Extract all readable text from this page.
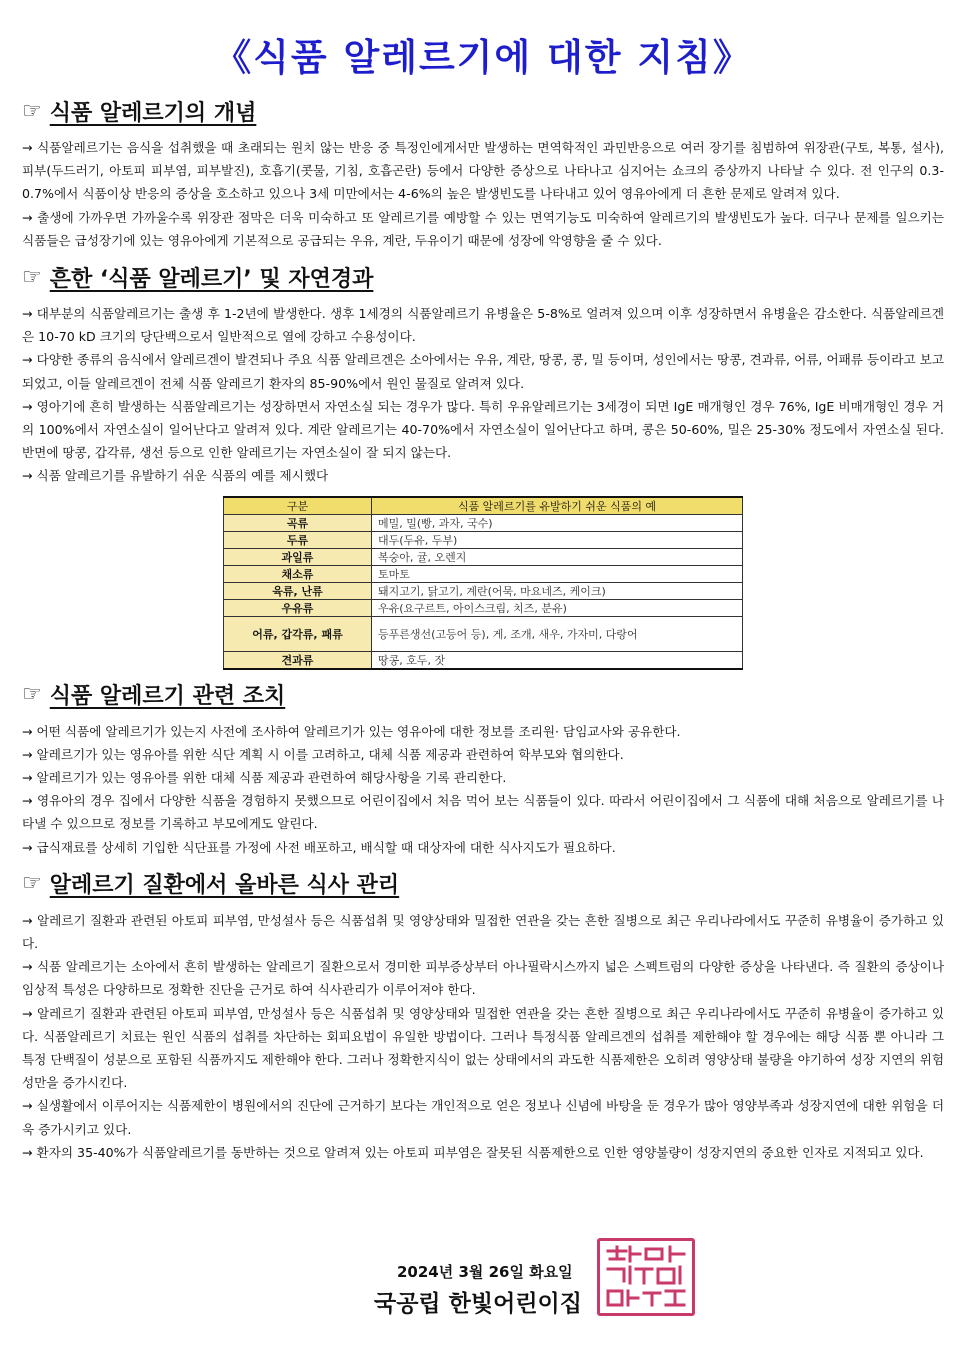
《식품 알레르기에 대한 지침》
☞ 식품 알레르기의 개념

→ 식품알레르기는 음식을 섭취했을 때 초래되는 원치 않는 반응 중 특정인에게서만 발생하는 면역학적인 과민반응으로 여러 장기를 침범하여 위장관(구토, 복통, 설사), 피부(두드러기, 아토피 피부염, 피부발진), 호흡기(콧물, 기침, 호흡곤란) 등에서 다양한 증상으로 나타나고 심지어는 쇼크의 증상까지 나타날 수 있다. 전 인구의 0.3-0.7%에서 식품이상 반응의 증상을 호소하고 있으나 3세 미만에서는 4-6%의 높은 발생빈도를 나타내고 있어 영유아에게 더 흔한 문제로 알려져 있다.

→ 출생에 가까우면 가까울수록 위장관 점막은 더욱 미숙하고 또 알레르기를 예방할 수 있는 면역기능도 미숙하여 알레르기의 발생빈도가 높다. 더구나 문제를 일으키는 식품들은 급성장기에 있는 영유아에게 기본적으로 공급되는 우유, 계란, 두유이기 때문에 성장에 악영향을 줄 수 있다.

☞ 흔한 ‘식품 알레르기’ 및 자연경과

→ 대부분의 식품알레르기는 출생 후 1-2년에 발생한다. 생후 1세경의 식품알레르기 유병율은 5-8%로 얼려져 있으며 이후 성장하면서 유병율은 감소한다. 식품알레르겐은 10-70 kD 크기의 당단백으로서 일반적으로 열에 강하고 수용성이다.

→ 다양한 종류의 음식에서 알레르겐이 발견되나 주요 식품 알레르겐은 소아에서는 우유, 계란, 땅콩, 콩, 밀 등이며, 성인에서는 땅콩, 견과류, 어류, 어패류 등이라고 보고되었고, 이들 알레르겐이 전체 식품 알레르기 환자의 85-90%에서 원인 물질로 알려져 있다.

→ 영아기에 흔히 발생하는 식품알레르기는 성장하면서 자연소실 되는 경우가 많다. 특히 우유알레르기는 3세경이 되면 IgE 매개형인 경우 76%, IgE 비매개형인 경우 거의 100%에서 자연소실이 일어난다고 알려져 있다. 계란 알레르기는 40-70%에서 자연소실이 일어난다고 하며, 콩은 50-60%, 밀은 25-30% 정도에서 자연소실 된다. 반면에 땅콩, 갑각류, 생선 등으로 인한 알레르기는 자연소실이 잘 되지 않는다.

→ 식품 알레르기를 유발하기 쉬운 식품의 예를 제시했다

구분	식품 알레르기를 유발하기 쉬운 식품의 예
곡류	메밀, 밀(빵, 과자, 국수)
두류	대두(두유, 두부)
과일류	복숭아, 귤, 오렌지
채소류	토마토
육류, 난류	돼지고기, 닭고기, 계란(어묵, 마요네즈, 케이크)
우유류	우유(요구르트, 아이스크림, 치즈, 분유)
어류, 갑각류, 패류	등푸른생선(고등어 등), 게, 조개, 새우, 가자미, 다랑어
견과류	땅콩, 호두, 잣
☞ 식품 알레르기 관련 조치

→ 어떤 식품에 알레르기가 있는지 사전에 조사하여 알레르기가 있는 영유아에 대한 정보를 조리원· 담임교사와 공유한다.

→ 알레르기가 있는 영유아를 위한 식단 계획 시 이를 고려하고, 대체 식품 제공과 관련하여 학부모와 협의한다.

→ 알레르기가 있는 영유아를 위한 대체 식품 제공과 관련하여 해당사항을 기록 관리한다.

→ 영유아의 경우 집에서 다양한 식품을 경험하지 못했으므로 어린이집에서 처음 먹어 보는 식품들이 있다. 따라서 어린이집에서 그 식품에 대해 처음으로 알레르기를 나타낼 수 있으므로 정보를 기록하고 부모에게도 알린다.

→ 급식재료를 상세히 기입한 식단표를 가정에 사전 배포하고, 배식할 때 대상자에 대한 식사지도가 필요하다.

☞ 알레르기 질환에서 올바른 식사 관리

→ 알레르기 질환과 관련된 아토피 피부염, 만성설사 등은 식품섭취 및 영양상태와 밀접한 연관을 갖는 흔한 질병으로 최근 우리나라에서도 꾸준히 유병율이 증가하고 있다.

→ 식품 알레르기는 소아에서 흔히 발생하는 알레르기 질환으로서 경미한 피부증상부터 아나필락시스까지 넓은 스펙트럼의 다양한 증상을 나타낸다. 즉 질환의 증상이나 임상적 특성은 다양하므로 정확한 진단을 근거로 하여 식사관리가 이루어져야 한다.

→ 알레르기 질환과 관련된 아토피 피부염, 만성설사 등은 식품섭취 및 영양상태와 밀접한 연관을 갖는 흔한 질병으로 최근 우리나라에서도 꾸준히 유병율이 증가하고 있다. 식품알레르기 치료는 원인 식품의 섭취를 차단하는 회피요법이 유일한 방법이다. 그러나 특정식품 알레르겐의 섭취를 제한해야 할 경우에는 해당 식품 뿐 아니라 그 특정 단백질이 성분으로 포함된 식품까지도 제한해야 한다. 그러나 정확한지식이 없는 상태에서의 과도한 식품제한은 오히려 영양상태 불량을 야기하여 성장 지연의 위험성만을 증가시킨다.

→ 실생활에서 이루어지는 식품제한이 병원에서의 진단에 근거하기 보다는 개인적으로 얻은 정보나 신념에 바탕을 둔 경우가 많아 영양부족과 성장지연에 대한 위험을 더욱 증가시키고 있다.

→ 환자의 35-40%가 식품알레르기를 동반하는 것으로 알려져 있는 아토피 피부염은 잘못된 식품제한으로 인한 영양불량이 성장지연의 중요한 인자로 지적되고 있다.

2024년 3월 26일 화요일
국공립 한빛어린이집
